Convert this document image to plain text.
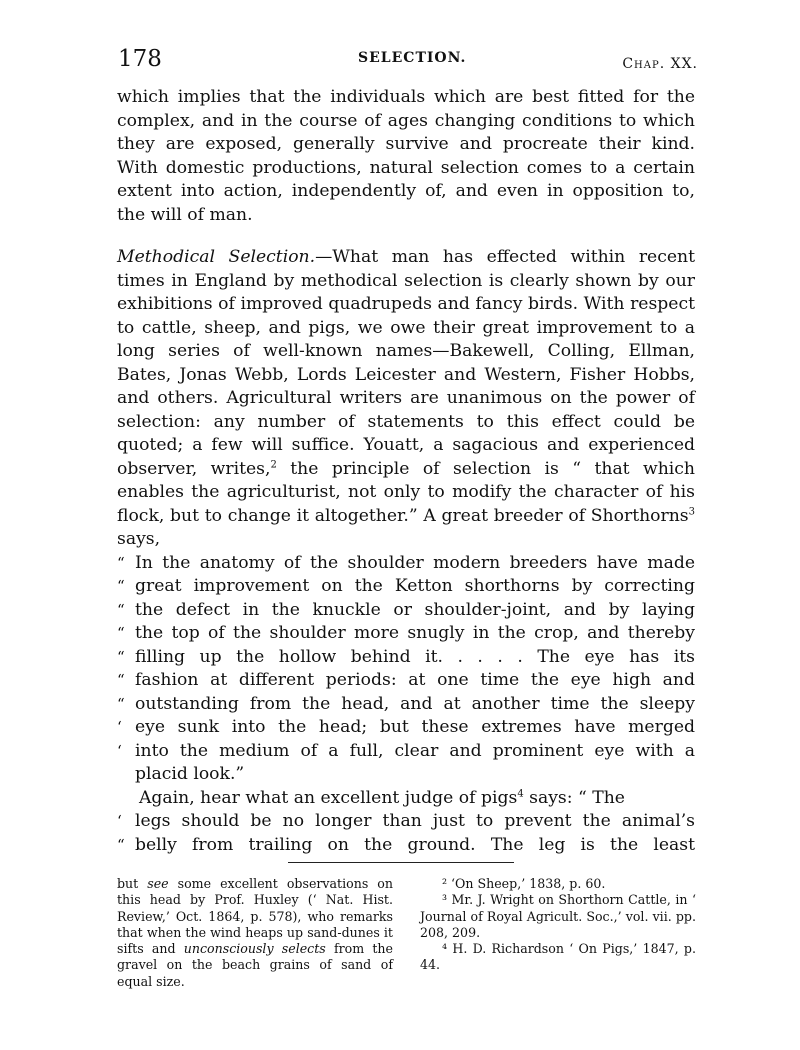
178	SELECTION.	Chap. XX.

which implies that the individuals which are best fitted for the complex, and in the course of ages changing conditions to which they are exposed, generally survive and procreate their kind. With domestic productions, natural selection comes to a certain extent into action, independently of, and even in opposition to, the will of man.

Methodical Selection.—What man has effected within recent times in England by methodical selection is clearly shown by our exhibitions of improved quadrupeds and fancy birds. With respect to cattle, sheep, and pigs, we owe their great improvement to a long series of well-known names—Bakewell, Colling, Ellman, Bates, Jonas Webb, Lords Leicester and Western, Fisher Hobbs, and others. Agricultural writers are unanimous on the power of selection: any number of statements to this effect could be quoted; a few will suffice. Youatt, a sagacious and experienced observer, writes,$^2$ the principle of selection is “ that which enables the agriculturist, not only to modify the character of his flock, but to change it altogether.” A great breeder of Shorthorns$^3$ says,

“ In the anatomy of the shoulder modern breeders have made
“ great improvement on the Ketton shorthorns by correcting
“ the defect in the knuckle or shoulder-joint, and by laying
“ the top of the shoulder more snugly in the crop, and thereby
“ filling up the hollow behind it. . . . . The eye has its
“ fashion at different periods: at one time the eye high and
“ outstanding from the head, and at another time the sleepy
‘ eye sunk into the head; but these extremes have merged
‘ into the medium of a full, clear and prominent eye with a
placid look.”

Again, hear what an excellent judge of pigs$^4$ says: “ The

‘ legs should be no longer than just to prevent the animal’s
“ belly from trailing on the ground. The leg is the least
but see some excellent observations on this head by Prof. Huxley (‘ Nat. Hist. Review,’ Oct. 1864, p. 578), who remarks that when the wind heaps up sand-dunes it sifts and unconsciously selects from the gravel on the beach grains of sand of equal size.

² ‘On Sheep,’ 1838, p. 60.

³ Mr. J. Wright on Shorthorn Cattle, in ‘ Journal of Royal Agricult. Soc.,’ vol. vii. pp. 208, 209.

⁴ H. D. Richardson ‘ On Pigs,’ 1847, p. 44.
